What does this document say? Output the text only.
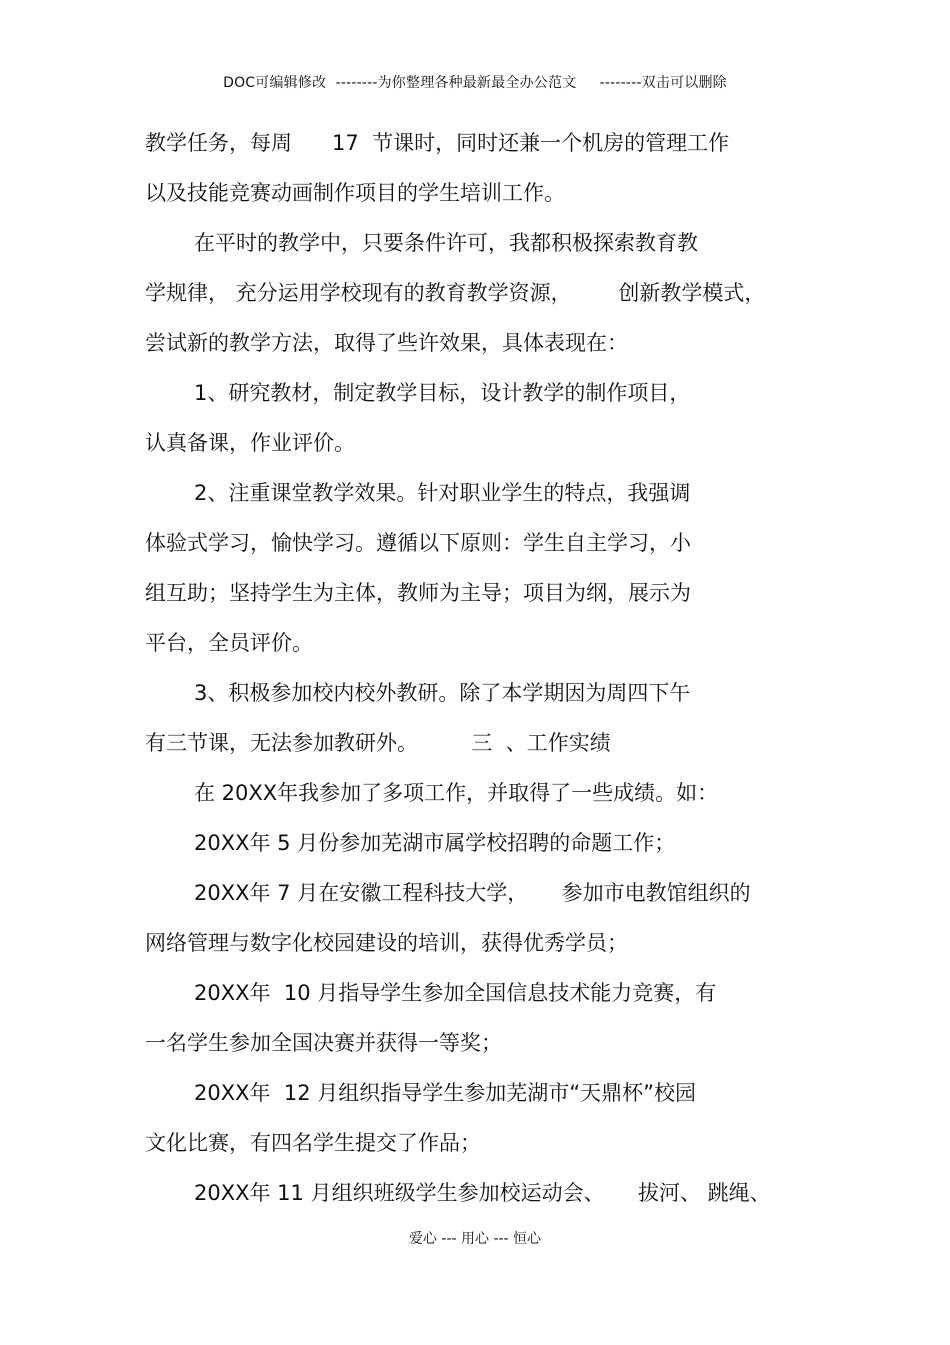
DOC可编辑修改  --------为你整理各种最新最全办公范文     --------双击可以删除
教学任务，每周      17  节课时，同时还兼一个机房的管理工作
以及技能竞赛动画制作项目的学生培训工作。
在平时的教学中，只要条件许可，我都积极探索教育教
学规律， 充分运用学校现有的教育教学资源，       创新教学模式，
尝试新的教学方法，取得了些许效果，具体表现在：
1、研究教材，制定教学目标，设计教学的制作项目，
认真备课，作业评价。
2、注重课堂教学效果。针对职业学生的特点，我强调
体验式学习，愉快学习。遵循以下原则：学生自主学习，小
组互助；坚持学生为主体，教师为主导；项目为纲，展示为
平台，全员评价。
3、积极参加校内校外教研。除了本学期因为周四下午
有三节课，无法参加教研外。        三  、工作实绩
在 20XX年我参加了多项工作，并取得了一些成绩。如：
20XX年 5 月份参加芜湖市属学校招聘的命题工作；
20XX年 7 月在安徽工程科技大学，     参加市电教馆组织的
网络管理与数字化校园建设的培训，获得优秀学员；
20XX年  10 月指导学生参加全国信息技术能力竞赛，有
一名学生参加全国决赛并获得一等奖；
20XX年  12 月组织指导学生参加芜湖市“天鼎杯”校园
文化比赛，有四名学生提交了作品；
20XX年 11 月组织班级学生参加校运动会、     拔河、 跳绳、
爱心 --- 用心 --- 恒心
